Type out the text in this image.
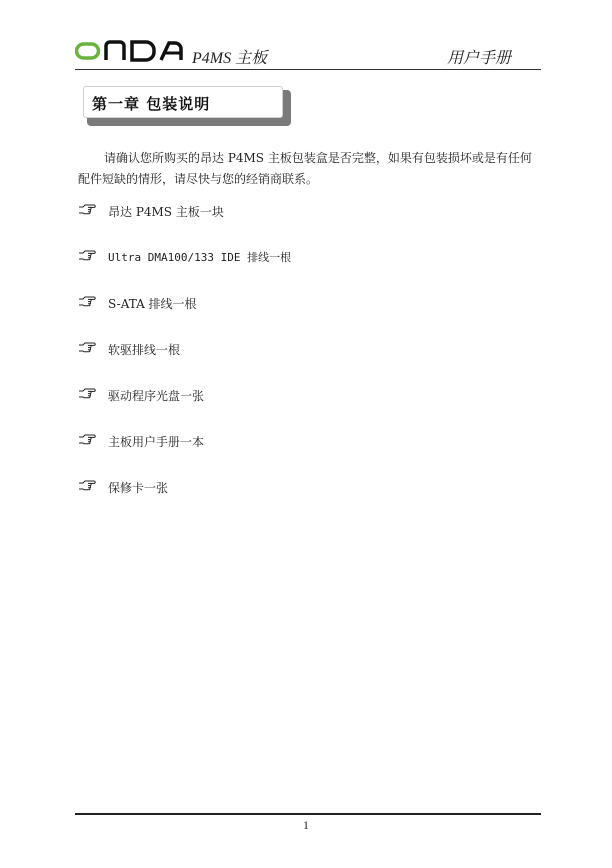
P4MS 主板	用户手册
第一章 包装说明

请确认您所购买的昂达 P4MS 主板包装盒是否完整，如果有包装损坏或是有任何配件短缺的情形，请尽快与您的经销商联系。

昂达 P4MS 主板一块
Ultra DMA100/133 IDE 排线一根
S-ATA 排线一根
软驱排线一根
驱动程序光盘一张
主板用户手册一本
保修卡一张
1
